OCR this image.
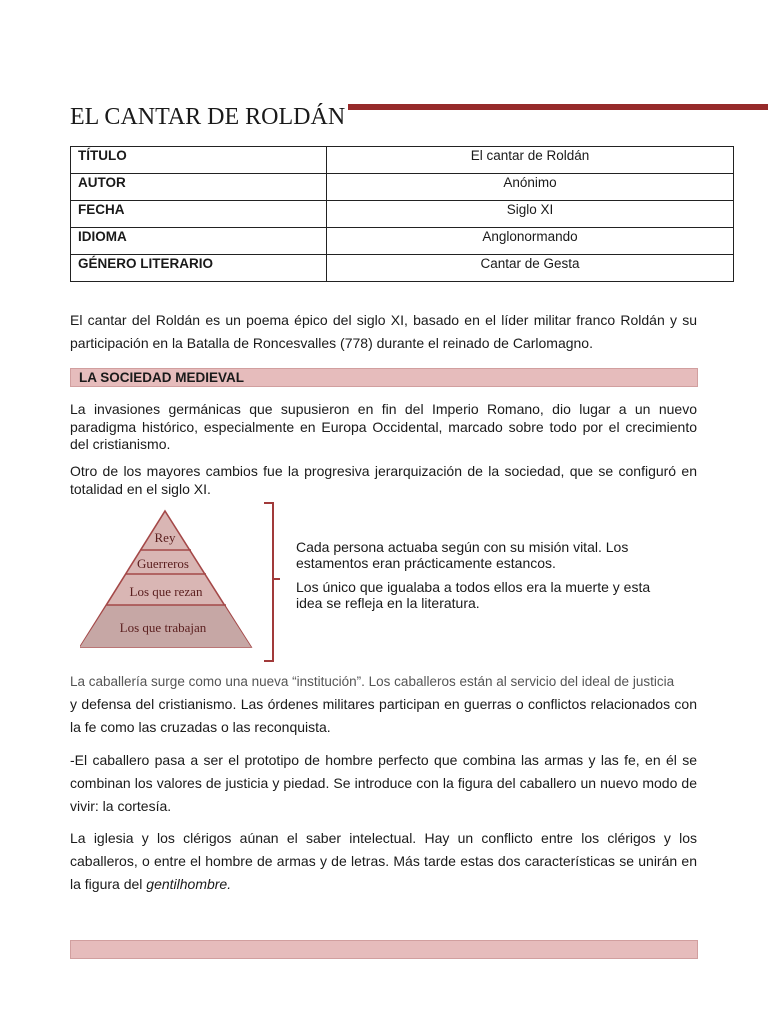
EL CANTAR DE ROLDÁN
TÍTULO	El cantar de Roldán
AUTOR	Anónimo
FECHA	Siglo XI
IDIOMA	Anglonormando
GÉNERO LITERARIO	Cantar de Gesta
El cantar del Roldán es un poema épico del siglo XI, basado en el líder militar franco Roldán y su participación en la Batalla de Roncesvalles (778) durante el reinado de Carlomagno.
LA SOCIEDAD MEDIEVAL
La invasiones germánicas que supusieron en fin del Imperio Romano, dio lugar a un nuevo paradigma histórico, especialmente en Europa Occidental, marcado sobre todo por el crecimiento del cristianismo.
Otro de los mayores cambios fue la progresiva jerarquización de la sociedad, que se configuró en totalidad en el siglo XI.
Rey
Guerreros
Los que rezan
Los que trabajan
Cada persona actuaba según con su misión vital. Los estamentos eran prácticamente estancos.
Los único que igualaba a todos ellos era la muerte y esta idea se refleja en la literatura.
La caballería surge como una nueva “institución”. Los caballeros están al servicio del ideal de justicia
y defensa del cristianismo. Las órdenes militares participan en guerras o conflictos relacionados con la fe como las cruzadas o las reconquista.
-El caballero pasa a ser el prototipo de hombre perfecto que combina las armas y las fe, en él se combinan los valores de justicia y piedad. Se introduce con la figura del caballero un nuevo modo de vivir: la cortesía.
La iglesia y los clérigos aúnan el saber intelectual. Hay un conflicto entre los clérigos y los caballeros, o entre el hombre de armas y de letras. Más tarde estas dos características se unirán en la figura del gentilhombre.
